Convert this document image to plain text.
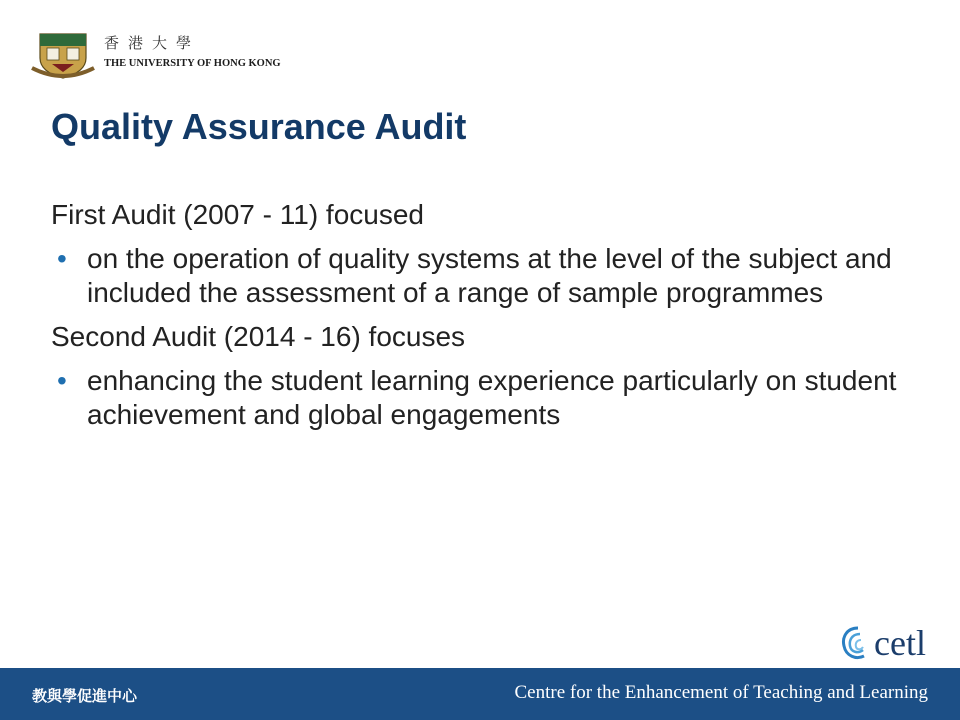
香港大學
THE UNIVERSITY OF HONG KONG
Quality Assurance Audit

First Audit (2007 - 11) focused

• on the operation of quality systems at the level of the subject and included the assessment of a range of sample programmes

Second Audit (2014 - 16) focuses

• enhancing the student learning experience particularly on student achievement and global engagements
cetl
教與學促進中心	Centre for the Enhancement of Teaching and Learning
